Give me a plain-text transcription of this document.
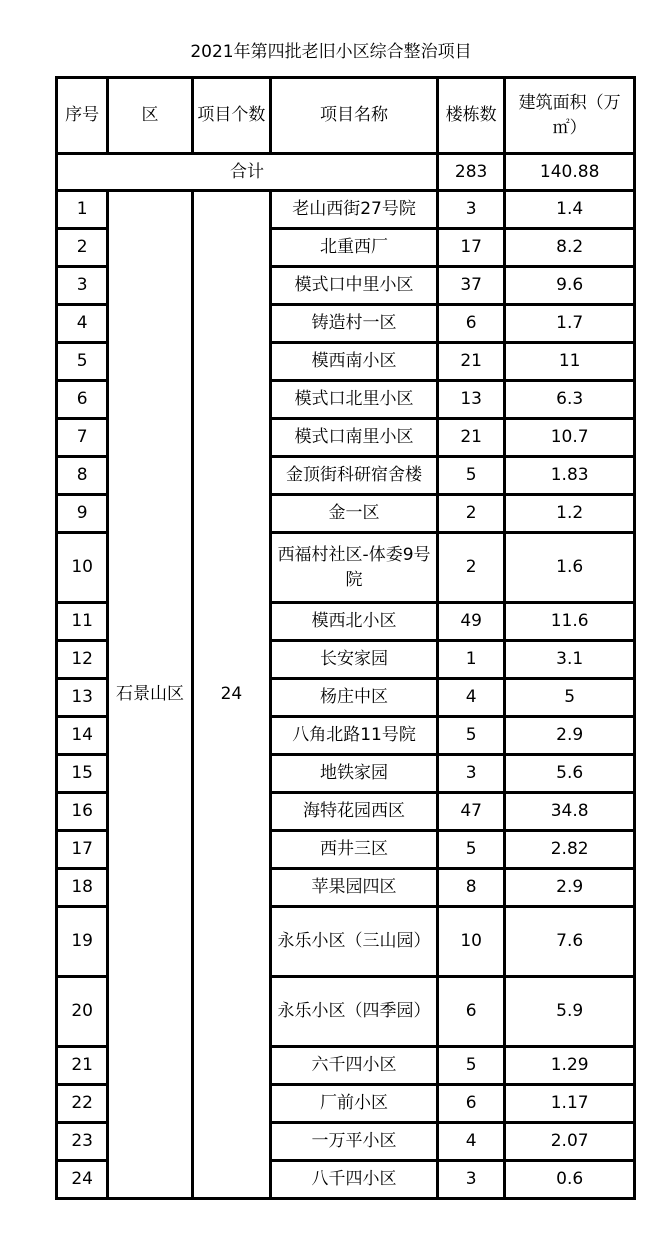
2021年第四批老旧小区综合整治项目
序号	区	项目个数	项目名称	楼栋数	建筑面积（万㎡）
合计				283	140.88
1	石景山区	24	老山西街27号院	3	1.4
2			北重西厂	17	8.2
3			模式口中里小区	37	9.6
4			铸造村一区	6	1.7
5			模西南小区	21	11
6			模式口北里小区	13	6.3
7			模式口南里小区	21	10.7
8			金顶街科研宿舍楼	5	1.83
9			金一区	2	1.2
10			西福村社区-体委9号院	2	1.6
11			模西北小区	49	11.6
12			长安家园	1	3.1
13			杨庄中区	4	5
14			八角北路11号院	5	2.9
15			地铁家园	3	5.6
16			海特花园西区	47	34.8
17			西井三区	5	2.82
18			苹果园四区	8	2.9
19			永乐小区（三山园）	10	7.6
20			永乐小区（四季园）	6	5.9
21			六千四小区	5	1.29
22			厂前小区	6	1.17
23			一万平小区	4	2.07
24			八千四小区	3	0.6
